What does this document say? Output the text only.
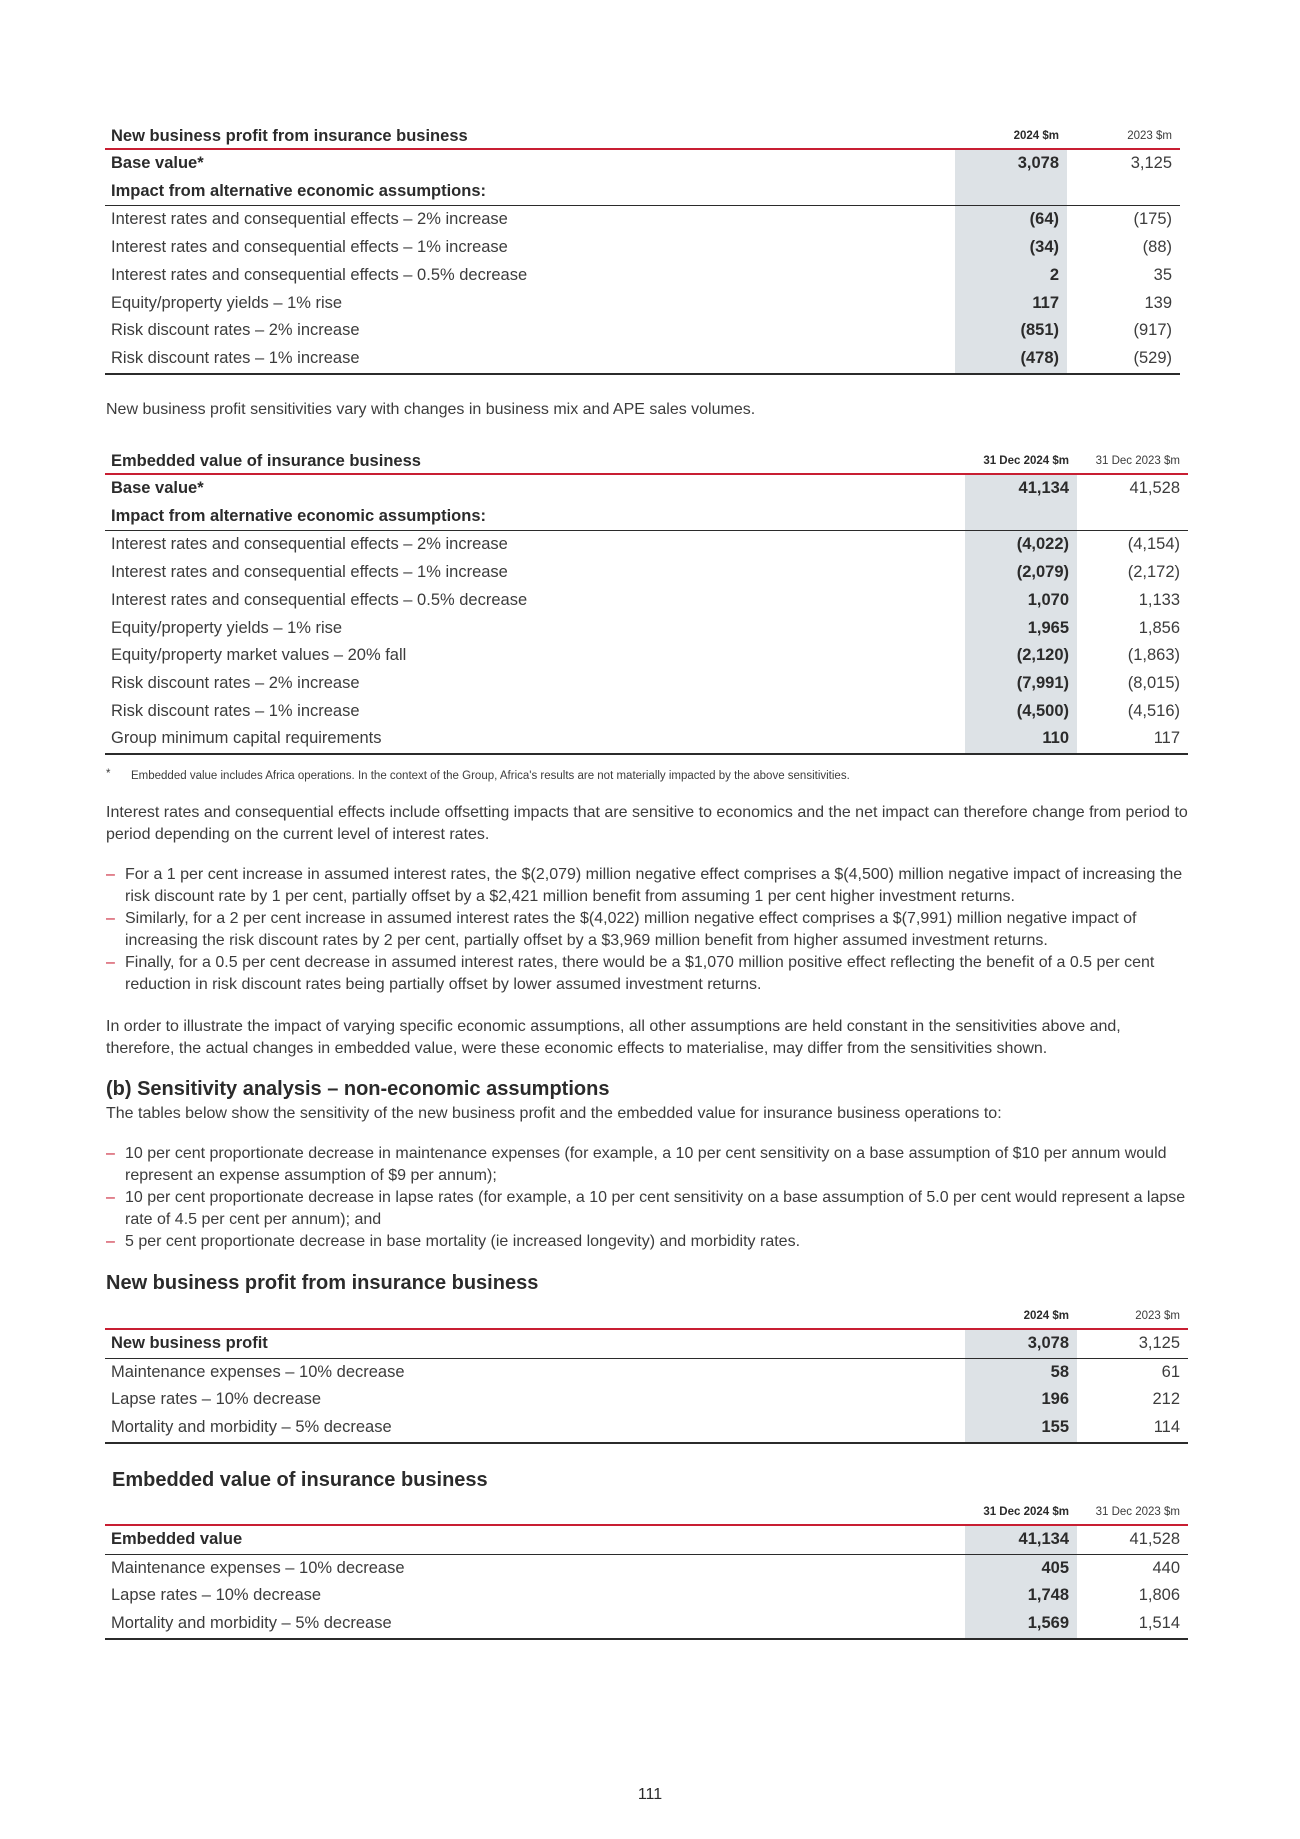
New business profit from insurance business	2024 $m	2023 $m
Base value*	3,078	3,125
Impact from alternative economic assumptions:		
Interest rates and consequential effects – 2% increase	(64)	(175)
Interest rates and consequential effects – 1% increase	(34)	(88)
Interest rates and consequential effects – 0.5% decrease	2	35
Equity/property yields – 1% rise	117	139
Risk discount rates – 2% increase	(851)	(917)
Risk discount rates – 1% increase	(478)	(529)
New business profit sensitivities vary with changes in business mix and APE sales volumes.
Embedded value of insurance business	31 Dec 2024 $m	31 Dec 2023 $m
Base value*	41,134	41,528
Impact from alternative economic assumptions:		
Interest rates and consequential effects – 2% increase	(4,022)	(4,154)
Interest rates and consequential effects – 1% increase	(2,079)	(2,172)
Interest rates and consequential effects – 0.5% decrease	1,070	1,133
Equity/property yields – 1% rise	1,965	1,856
Equity/property market values – 20% fall	(2,120)	(1,863)
Risk discount rates – 2% increase	(7,991)	(8,015)
Risk discount rates – 1% increase	(4,500)	(4,516)
Group minimum capital requirements	110	117
* Embedded value includes Africa operations. In the context of the Group, Africa's results are not materially impacted by the above sensitivities.
Interest rates and consequential effects include offsetting impacts that are sensitive to economics and the net impact can therefore change from period to period depending on the current level of interest rates.
– For a 1 per cent increase in assumed interest rates, the $(2,079) million negative effect comprises a $(4,500) million negative impact of increasing the risk discount rate by 1 per cent, partially offset by a $2,421 million benefit from assuming 1 per cent higher investment returns.
– Similarly, for a 2 per cent increase in assumed interest rates the $(4,022) million negative effect comprises a $(7,991) million negative impact of increasing the risk discount rates by 2 per cent, partially offset by a $3,969 million benefit from higher assumed investment returns.
– Finally, for a 0.5 per cent decrease in assumed interest rates, there would be a $1,070 million positive effect reflecting the benefit of a 0.5 per cent reduction in risk discount rates being partially offset by lower assumed investment returns.
In order to illustrate the impact of varying specific economic assumptions, all other assumptions are held constant in the sensitivities above and, therefore, the actual changes in embedded value, were these economic effects to materialise, may differ from the sensitivities shown.
(b) Sensitivity analysis – non-economic assumptions
The tables below show the sensitivity of the new business profit and the embedded value for insurance business operations to:
– 10 per cent proportionate decrease in maintenance expenses (for example, a 10 per cent sensitivity on a base assumption of $10 per annum would represent an expense assumption of $9 per annum);
– 10 per cent proportionate decrease in lapse rates (for example, a 10 per cent sensitivity on a base assumption of 5.0 per cent would represent a lapse rate of 4.5 per cent per annum); and
– 5 per cent proportionate decrease in base mortality (ie increased longevity) and morbidity rates.
New business profit from insurance business
	2024 $m	2023 $m
New business profit	3,078	3,125
Maintenance expenses – 10% decrease	58	61
Lapse rates – 10% decrease	196	212
Mortality and morbidity – 5% decrease	155	114
Embedded value of insurance business
	31 Dec 2024 $m	31 Dec 2023 $m
Embedded value	41,134	41,528
Maintenance expenses – 10% decrease	405	440
Lapse rates – 10% decrease	1,748	1,806
Mortality and morbidity – 5% decrease	1,569	1,514
111
